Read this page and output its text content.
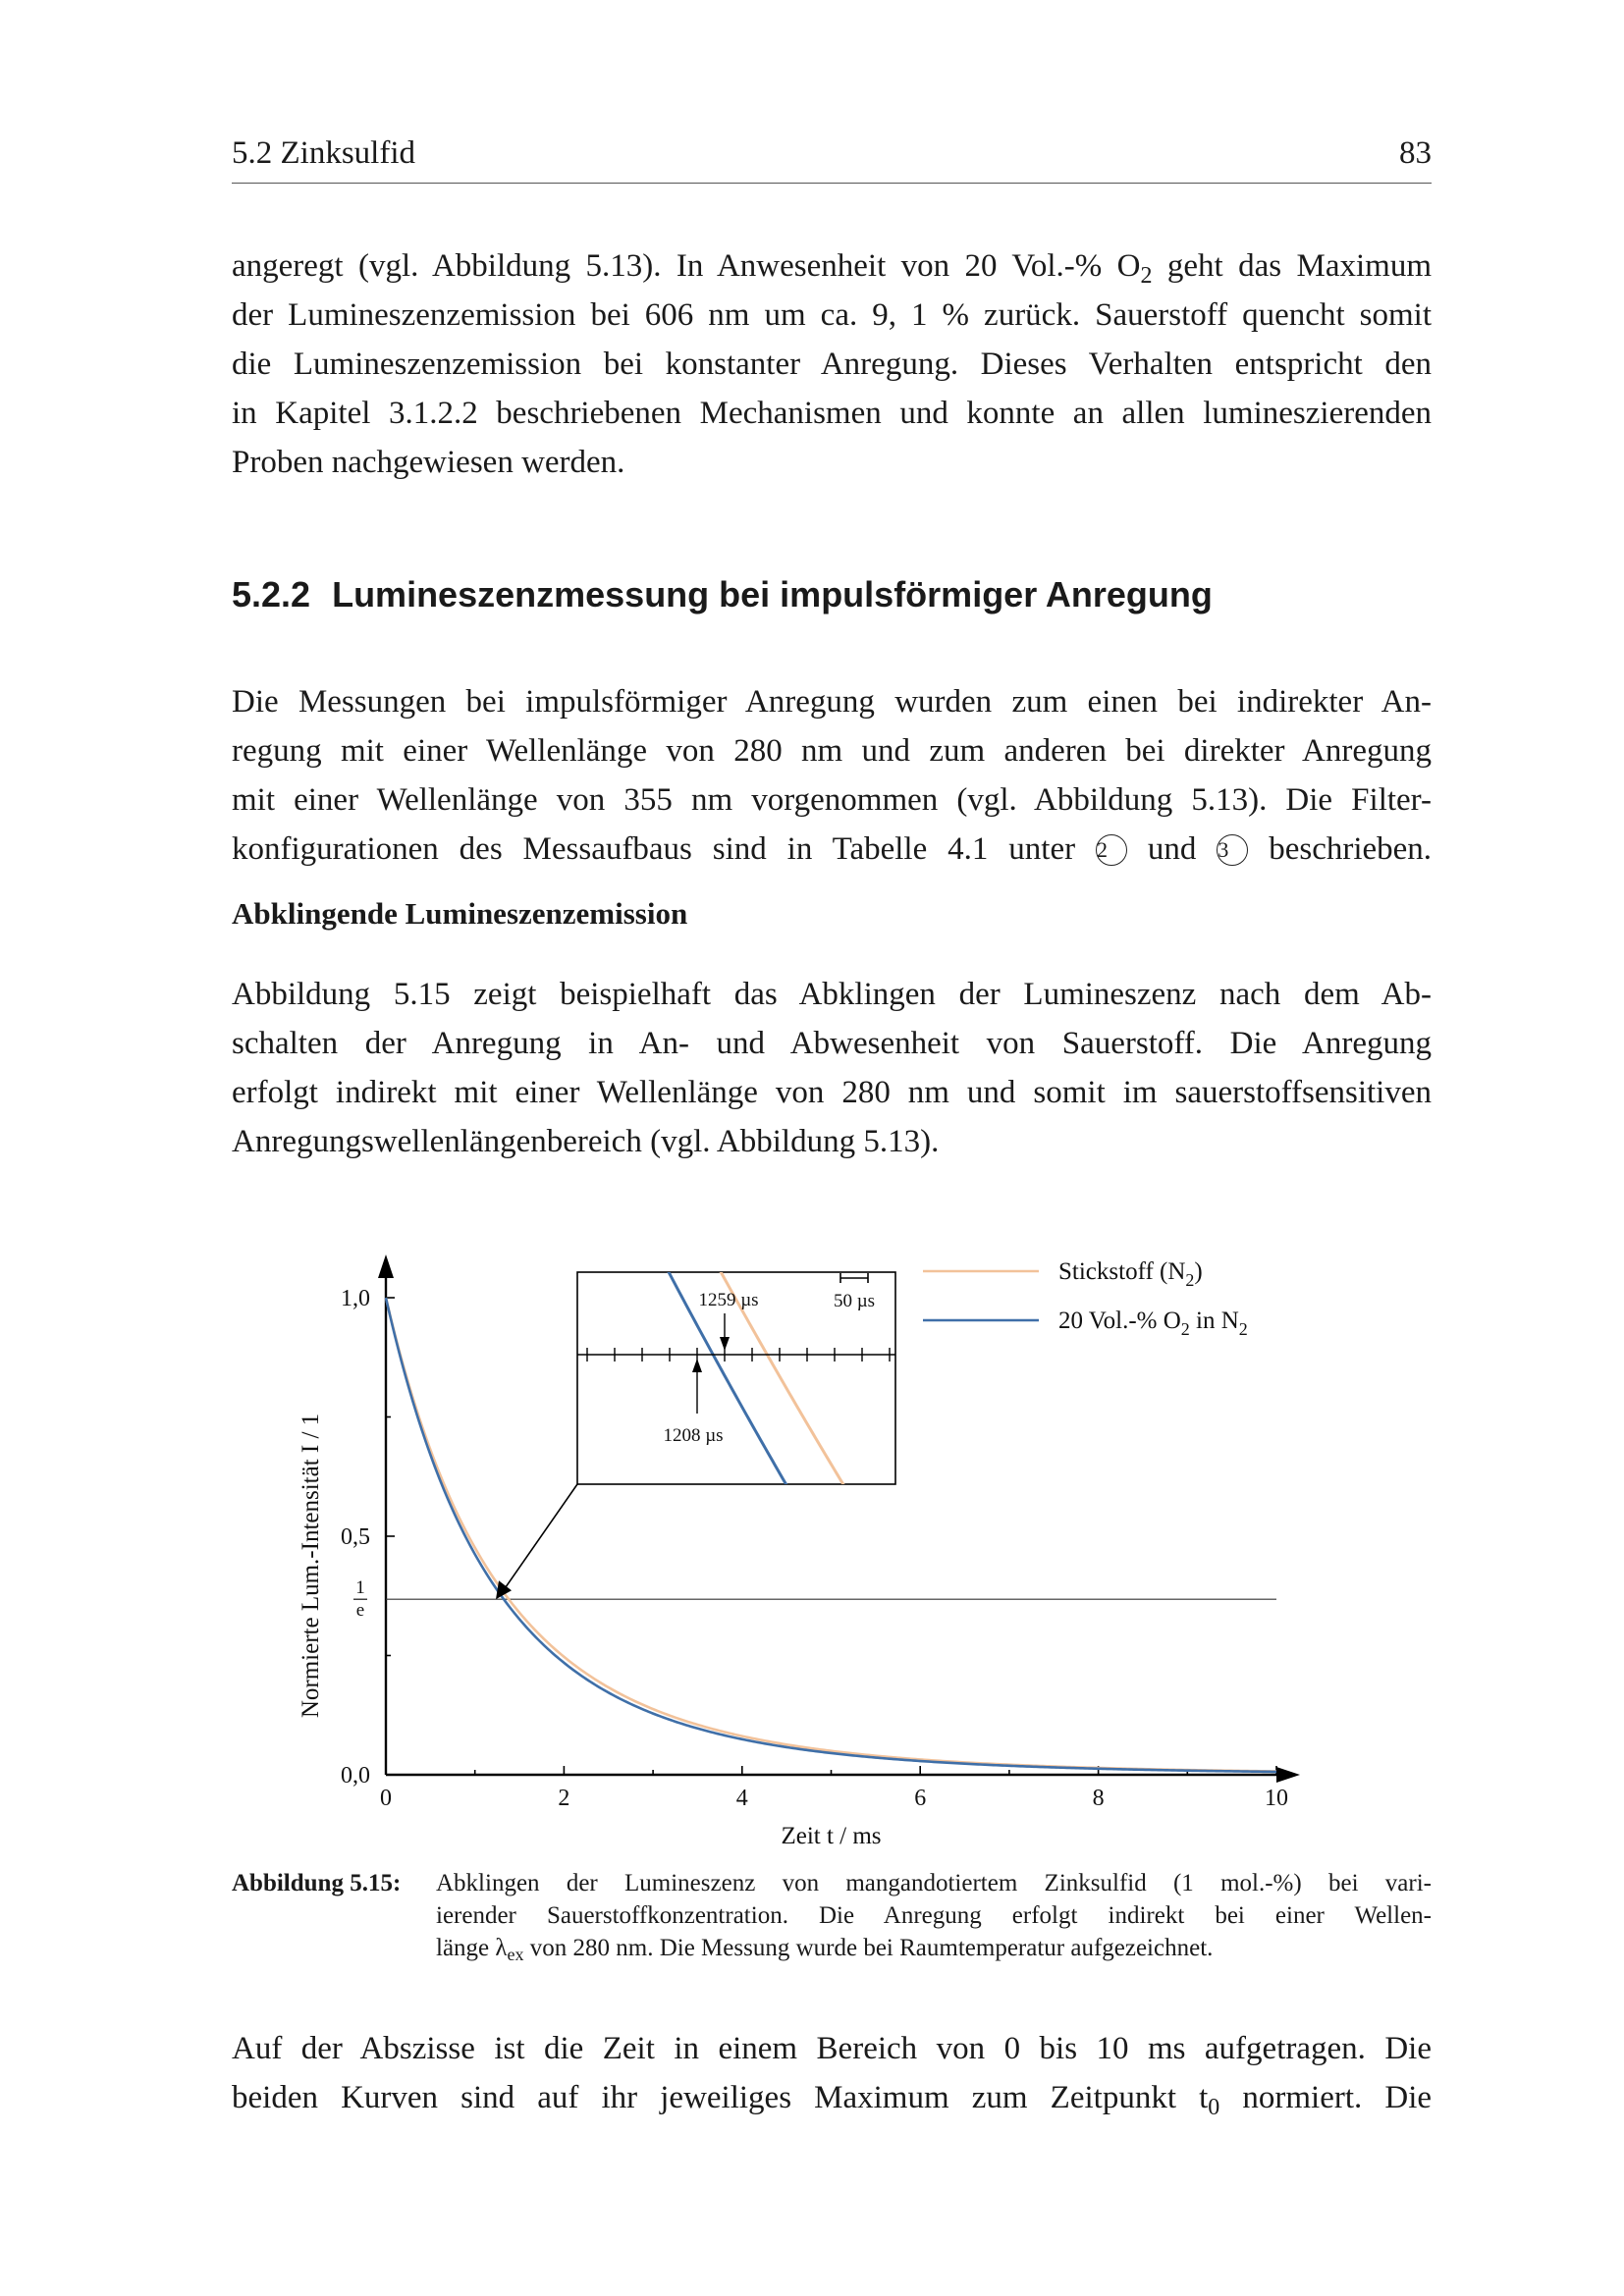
5.2 Zinksulfid	83
angeregt (vgl. Abbildung 5.13). In Anwesenheit von 20 Vol.-% $O_2$ geht das Maximum
der Lumineszenzemission bei 606 nm um ca. 9, 1 % zurück. Sauerstoff quencht somit
die Lumineszenzemission bei konstanter Anregung. Dieses Verhalten entspricht den
in Kapitel 3.1.2.2 beschriebenen Mechanismen und konnte an allen lumineszierenden
Proben nachgewiesen werden.
5.2.2 Lumineszenzmessung bei impulsförmiger Anregung
Die Messungen bei impulsförmiger Anregung wurden zum einen bei indirekter An-
regung mit einer Wellenlänge von 280 nm und zum anderen bei direkter Anregung
mit einer Wellenlänge von 355 nm vorgenommen (vgl. Abbildung 5.13). Die Filter-
konfigurationen des Messaufbaus sind in Tabelle 4.1 unter 2 und 3 beschrieben.
Abklingende Lumineszenzemission
Abbildung 5.15 zeigt beispielhaft das Abklingen der Lumineszenz nach dem Ab-
schalten der Anregung in An- und Abwesenheit von Sauerstoff. Die Anregung
erfolgt indirekt mit einer Wellenlänge von 280 nm und somit im sauerstoffsensitiven
Anregungswellenlängenbereich (vgl. Abbildung 5.13).
0	2	4	6	8	10
0,0
0,5
1,0
1
e
Zeit t / ms
Normierte Lum.-Intensität I / 1
1259 µs
1208 µs
50 µs
Stickstoff $(N_2)$
20 Vol.-% $O_2$ in $N_2$
Abbildung 5.15: Abklingen der Lumineszenz von mangandotiertem Zinksulfid (1 mol.-%) bei vari-
ierender Sauerstoffkonzentration. Die Anregung erfolgt indirekt bei einer Wellen-
länge $\lambda_{ex}$ von 280 nm. Die Messung wurde bei Raumtemperatur aufgezeichnet.
Auf der Abszisse ist die Zeit in einem Bereich von 0 bis 10 ms aufgetragen. Die
beiden Kurven sind auf ihr jeweiliges Maximum zum Zeitpunkt $t_0$ normiert. Die
